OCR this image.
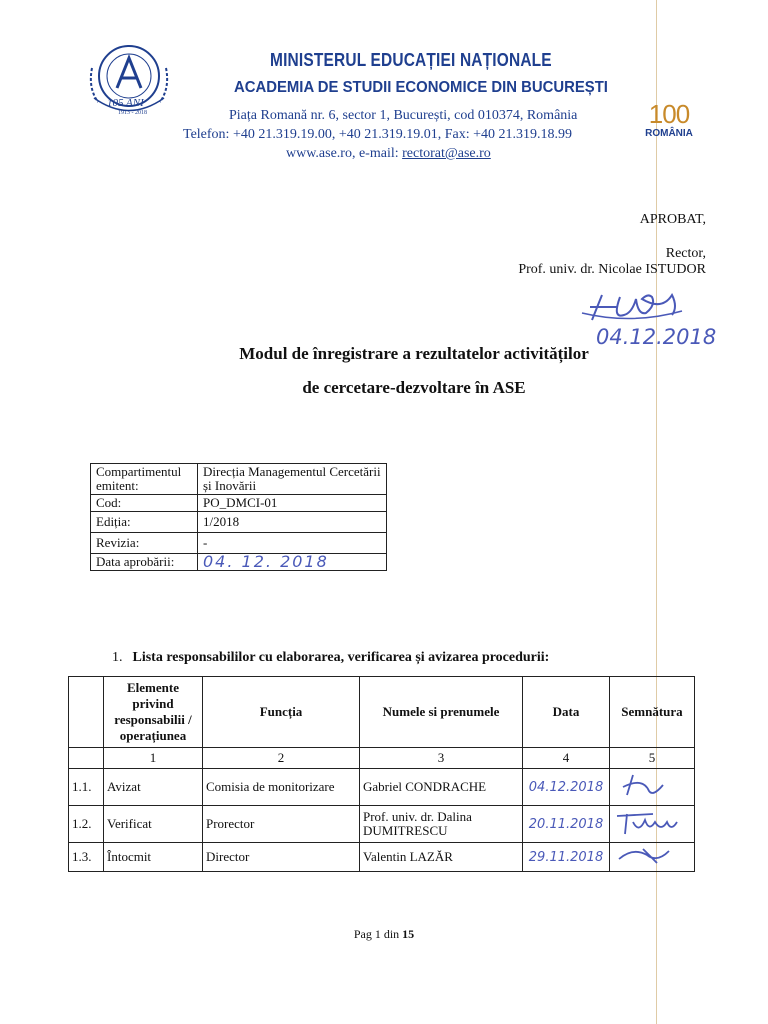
105 ANI
1913 - 2018
MINISTERUL EDUCAȚIEI NAȚIONALE
ACADEMIA DE STUDII ECONOMICE DIN BUCUREȘTI
Piața Romană nr. 6, sector 1, București, cod 010374, România
Telefon: +40 21.319.19.00, +40 21.319.19.01, Fax: +40 21.319.18.99
www.ase.ro, e-mail: rectorat@ase.ro
100
ROMÂNIA
APROBAT,
Rector,
Prof. univ. dr. Nicolae ISTUDOR
04.12.2018
Modul de înregistrare a rezultatelor activităților
de cercetare-dezvoltare în ASE
Compartimentul emitent:	Direcția Managementul Cercetării și Inovării
Cod:	PO_DMCI-01
Ediția:	1/2018
Revizia:	-
Data aprobării:	04. 12. 2018
1. Lista responsabililor cu elaborarea, verificarea și avizarea procedurii:
	Elemente privind responsabilii / operațiunea	Funcția	Numele si prenumele	Data	Semnătura
	1	2	3	4	5
1.1.	Avizat	Comisia de monitorizare	Gabriel CONDRACHE	04.12.2018	
1.2.	Verificat	Prorector	Prof. univ. dr. Dalina DUMITRESCU	20.11.2018	
1.3.	Întocmit	Director	Valentin LAZĂR	29.11.2018	
Pag 1 din 15
